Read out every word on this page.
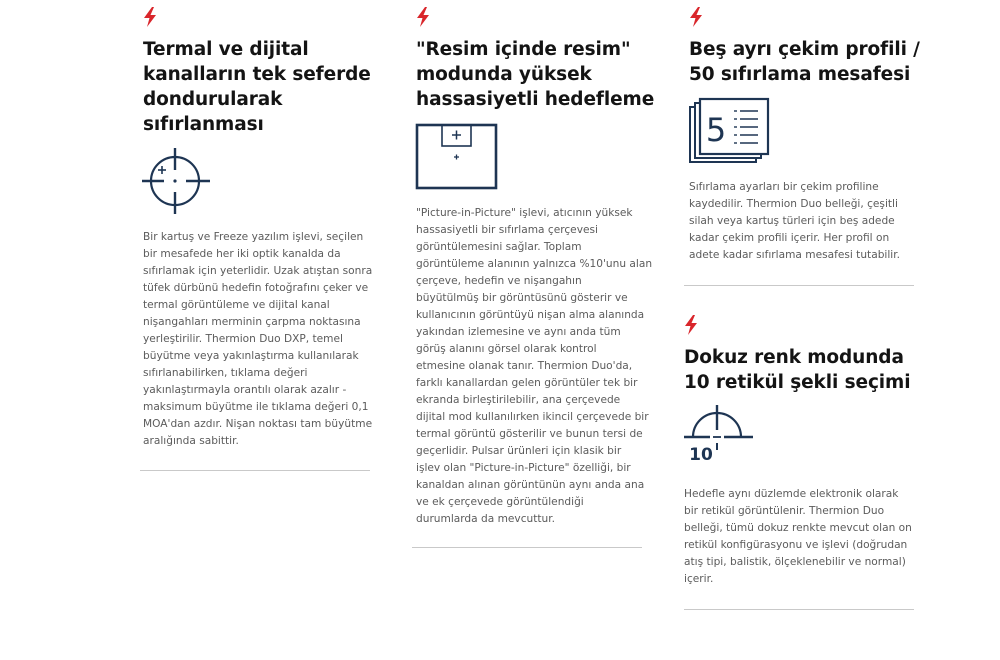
Termal ve dijital
kanalların tek seferde
dondurularak
sıfırlanması

Bir kartuş ve Freeze yazılım işlevi, seçilen
bir mesafede her iki optik kanalda da
sıfırlamak için yeterlidir. Uzak atıştan sonra
tüfek dürbünü hedefin fotoğrafını çeker ve
termal görüntüleme ve dijital kanal
nişangahları merminin çarpma noktasına
yerleştirilir. Thermion Duo DXP, temel
büyütme veya yakınlaştırma kullanılarak
sıfırlanabilirken, tıklama değeri
yakınlaştırmayla orantılı olarak azalır -
maksimum büyütme ile tıklama değeri 0,1
MOA'dan azdır. Nişan noktası tam büyütme
aralığında sabittir.

"Resim içinde resim"
modunda yüksek
hassasiyetli hedefleme

"Picture-in-Picture" işlevi, atıcının yüksek
hassasiyetli bir sıfırlama çerçevesi
görüntülemesini sağlar. Toplam
görüntüleme alanının yalnızca %10'unu alan
çerçeve, hedefin ve nişangahın
büyütülmüş bir görüntüsünü gösterir ve
kullanıcının görüntüyü nişan alma alanında
yakından izlemesine ve aynı anda tüm
görüş alanını görsel olarak kontrol
etmesine olanak tanır. Thermion Duo'da,
farklı kanallardan gelen görüntüler tek bir
ekranda birleştirilebilir, ana çerçevede
dijital mod kullanılırken ikincil çerçevede bir
termal görüntü gösterilir ve bunun tersi de
geçerlidir. Pulsar ürünleri için klasik bir
işlev olan "Picture-in-Picture" özelliği, bir
kanaldan alınan görüntünün aynı anda ana
ve ek çerçevede görüntülendiği
durumlarda da mevcuttur.

Beş ayrı çekim profili /
50 sıfırlama mesafesi
5

Sıfırlama ayarları bir çekim profiline
kaydedilir. Thermion Duo belleği, çeşitli
silah veya kartuş türleri için beş adede
kadar çekim profili içerir. Her profil on
adete kadar sıfırlama mesafesi tutabilir.

Dokuz renk modunda
10 retikül şekli seçimi
10

Hedefle aynı düzlemde elektronik olarak
bir retikül görüntülenir. Thermion Duo
belleği, tümü dokuz renkte mevcut olan on
retikül konfigürasyonu ve işlevi (doğrudan
atış tipi, balistik, ölçeklenebilir ve normal)
içerir.
